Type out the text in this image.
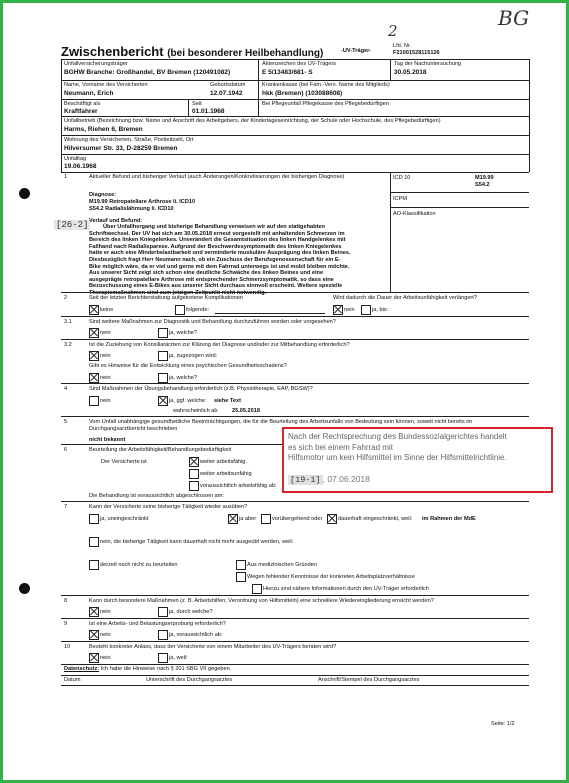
BG
2
Zwischenbericht (bei besonderer Heilbehandlung)	-UV-Träger-
Lfd. Nr.
F21001528115126
Unfallversicherungsträger
BGHW Branche: Großhandel, BV Bremen (120491082)
Aktenzeichen des UV-Trägers
E 5/13483/681- S
Tag der Nachuntersuchung
30.05.2018
Name, Vorname des Versicherten
Neumann, Erich
Geburtsdatum
12.07.1942
Krankenkasse (bei Fam.-Vers. Name des Mitglieds)
hkk (Bremen) (103088608)
Beschäftigt als
Kraftfahrer
Seit
01.01.1968
Bei Pflegeunfall Pflegekasse des Pflegebedürftigen
Unfallbetrieb (Bezeichnung bzw. Name und Anschrift des Arbeitgebers, der Kindertageseinrichtung, der Schule oder Hochschule, des Pflegebedürftigen)
Harms, Riehen 6, Bremen
Wohnung des Versicherten, Straße, Postleitzahl, Ort
Hilversumer Str. 33, D-28259 Bremen
Unfalltag
19.06.1968
1	Aktueller Befund und bisheriger Verlauf (auch Änderungen/Konkretisierungen der bisherigen Diagnose)
Diagnose:
M19.99 Retropatellare Arthrose li. ICD10
S54.2 Radialislähmung li. ICD10
ICD 10	M19.99
S54.2
ICPM
AO-Klassifikation
[26-2] Verlauf und Befund:
Über Unfallhergang und bisherige Behandlung verweisen wir auf den stattgehabten
Schriftwechsel. Der UV hat sich am 30.05.2018 erneut vorgestellt mit anhaltenden Schmerzen im
Bereich des linken Kniegelenkes. Unverändert die Gesamtsituation des linken Handgelenkes mit
Fallhand nach Radialisparese. Aufgrund der Beschwerdesymptomatik des linken Kniegelenkes
hatte er auch eine Minderbelastbarkeit und verminderte muskuläre Ausprägung des linken Beines.
Diesbezüglich fragt Herr Neumann nach, ob ein Zuschuss der Berufsgenossenschaft für ein E-
Bike möglich wäre, da er viel und gerne mit dem Fahrrad unterwegs ist und mobil bleiben möchte.
Aus unserer Sicht zeigt sich schon eine deutliche Schwäche des linken Beines und eine
ausgeprägte retropatellare Arthrose mit entsprechender Schmerzsymptomatik, so dass eine
Bezuschussung eines E-Bikes aus unserer Sicht durchaus sinnvoll erscheint. Weitere spezielle
2	Seit der letzten Berichterstattung aufgetretene Komplikationen	Wird dadurch die Dauer der Arbeitsunfähigkeit verlängert?
keine	folgende:	nein	ja, bis:
3.1	Sind weitere Maßnahmen zur Diagnostik und Behandlung durchzuführen worden oder vorgesehen?
nein	ja, welche?
3.2	Ist die Zuziehung von Konsiliarärzten zur Klärung der Diagnose und/oder zur Mitbehandlung erforderlich?
nein	ja, zugezogen wird:
Gibt es Hinweise für die Entwicklung eines psychischen Gesundheitsschadens?
nein	ja, welche?
4	Sind Maßnahmen der Übungsbehandlung erforderlich (z.B. Physiotherapie, EAP, BGSW)?
nein	ja, ggf. welche: siehe Text
wahrscheinlich ab	25.05.2018
5	Vom Unfall unabhängige gesundheitliche Beeinträchtigungen, die für die Beurteilung des Arbeitsunfalls von Bedeutung sein können, soweit nicht bereits im Durchgangsarztbericht beschrieben
nicht bekannt
6	Beurteilung der Arbeitsfähigkeit/Behandlungsbedürftigkeit
Der Versicherte ist	weiter arbeitsfähig
weiter arbeitsunfähig
voraussichtlich arbeitsfähig ab:
Die Behandlung ist voraussichtlich abgeschlossen am:
7	Kann der Versicherte seine bisherige Tätigkeit wieder ausüben?
ja, uneingeschränkt	ja aber	vorübergehend oder	dauerhaft eingeschränkt, weil: im Rahmen der MdE
nein, die bisherige Tätigkeit kann dauerhaft nicht mehr ausgeübt werden, weil:
derzeit noch nicht zu beurteilen	Aus medizinischen Gründen
Wegen fehlender Kenntnisse der konkreten Arbeitsplatzverhältnisse
Hierzu sind nähere Informationen durch den UV-Träger erforderlich
8	Kann durch besondere Maßnahmen (z. B. Arbeitshilfen, Verordnung von Hilfsmitteln) eine schnellere Wiedereingliederung erreicht werden?
nein	ja, durch welche?
9	Ist eine Arbeits- und Belastungserprobung erforderlich?
nein	ja, voraussichtlich ab:
10	Besteht konkreter Anlass, dass der Versicherte von einem Mitarbeiter des UV-Trägers beraten wird?
nein	ja, weil:
Datenschutz: Ich habe die Hinweise nach § 201 SBG VII gegeben.
Datum	Unterschrift des Durchgangsarztes	Anschrift/Stempel des Durchgangsarztes
Seite: 1/2
Nach der Rechtsprechung des Bundessozialgerichtes handelt
es sich bei einem Fahrrad mit
Hilfsmotor um kein Hilfsmittel im Sinne der Hilfsmittelrichtlinie.
[19-1] , 07.06.2018
